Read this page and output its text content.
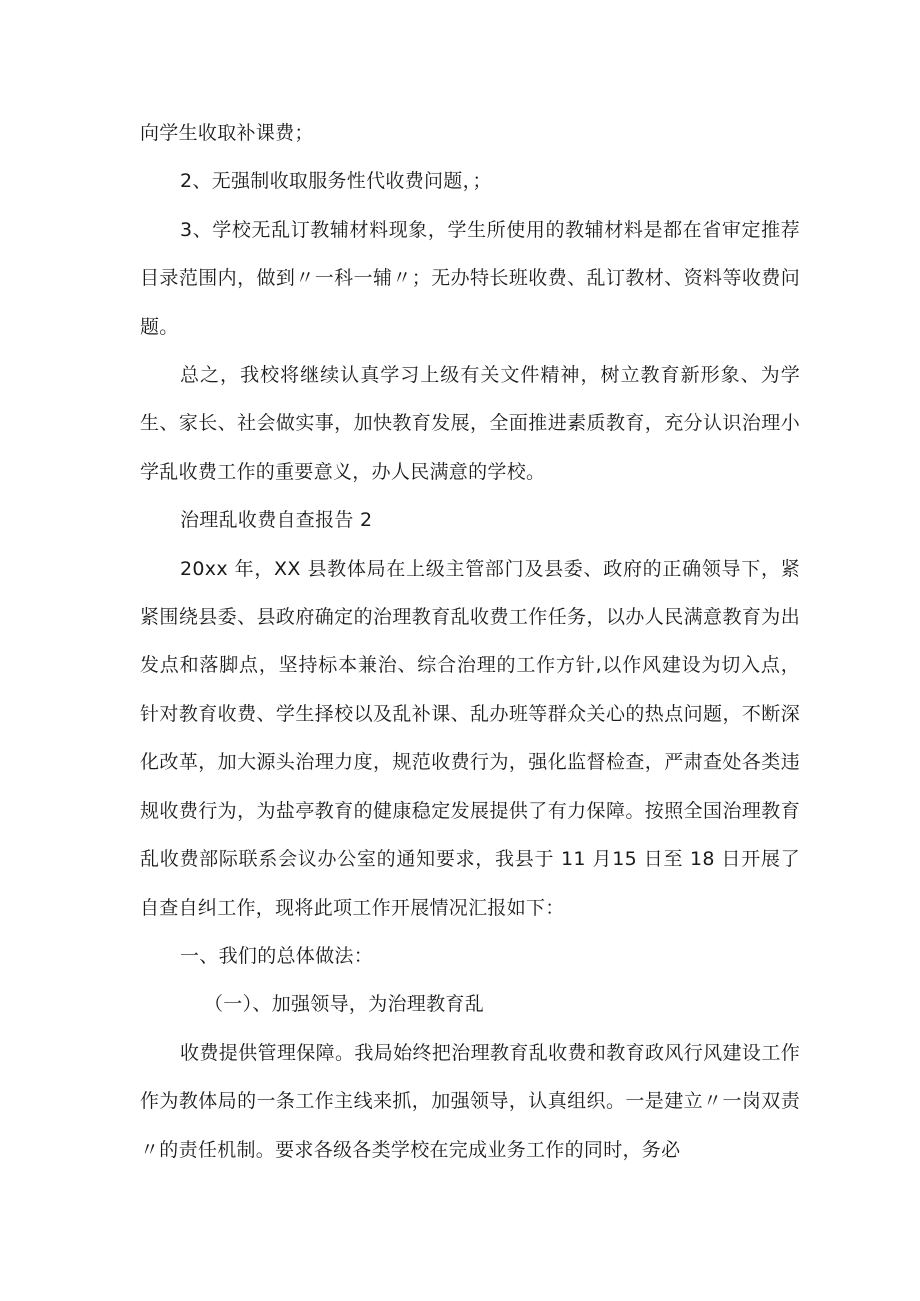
向学生收取补课费；

2、无强制收取服务性代收费问题，；

3、学校无乱订教辅材料现象，学生所使用的教辅材料是都在省审定推荐目录范围内，做到〃一科一辅〃；无办特长班收费、乱订教材、资料等收费问题。

总之，我校将继续认真学习上级有关文件精神，树立教育新形象、为学生、家长、社会做实事，加快教育发展，全面推进素质教育，充分认识治理小学乱收费工作的重要意义，办人民满意的学校。

治理乱收费自查报告 2

20xx 年，XX 县教体局在上级主管部门及县委、政府的正确领导下，紧紧围绕县委、县政府确定的治理教育乱收费工作任务，以办人民满意教育为出发点和落脚点，坚持标本兼治、综合治理的工作方针,以作风建设为切入点，针对教育收费、学生择校以及乱补课、乱办班等群众关心的热点问题，不断深化改革，加大源头治理力度，规范收费行为，强化监督检查，严肃查处各类违规收费行为，为盐亭教育的健康稳定发展提供了有力保障。按照全国治理教育乱收费部际联系会议办公室的通知要求，我县于 11 月15 日至 18 日开展了自查自纠工作，现将此项工作开展情况汇报如下：

一、我们的总体做法：

（一）、加强领导，为治理教育乱

收费提供管理保障。我局始终把治理教育乱收费和教育政风行风建设工作作为教体局的一条工作主线来抓，加强领导，认真组织。一是建立〃一岗双责〃的责任机制。要求各级各类学校在完成业务工作的同时，务必
